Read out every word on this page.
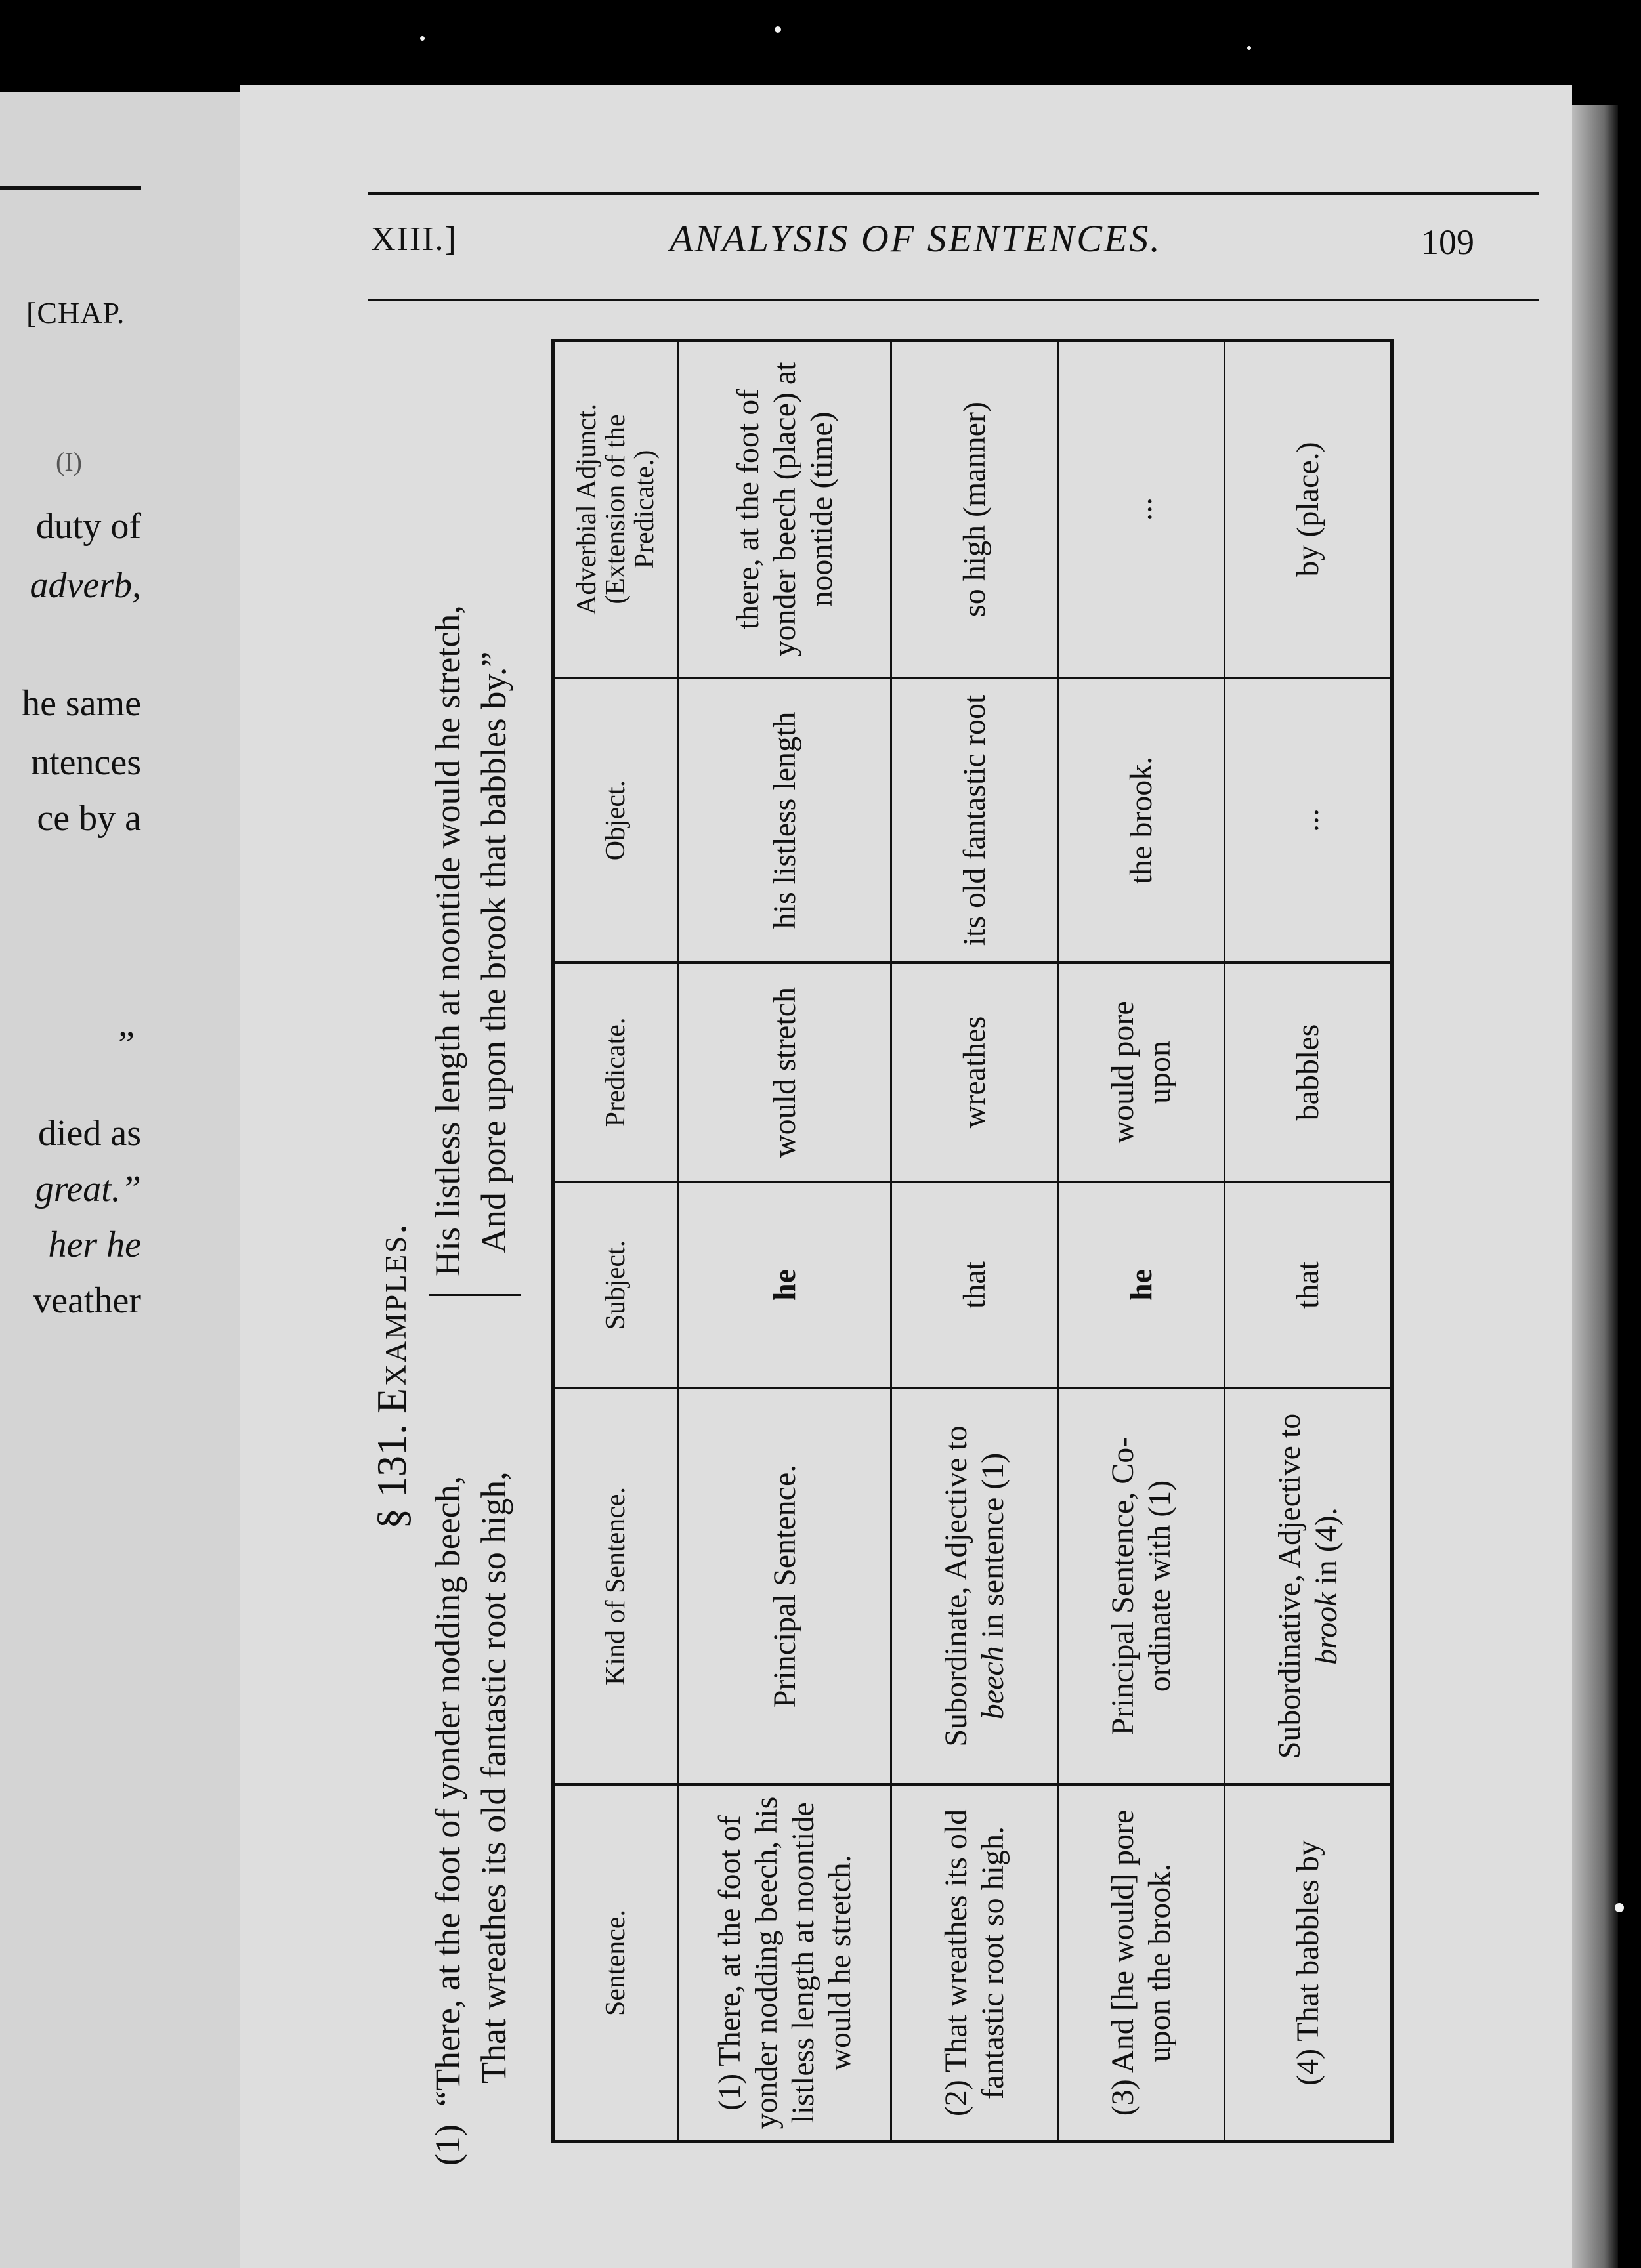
[CHAP.
(I)
duty of
adverb,
he same
ntences
ce by a
”
died as
great.”
her he
veather
XIII.]	ANALYSIS OF SENTENCES.	109
§ 131. Examples.
(1)
“There, at the foot of yonder nodding beech, That wreathes its old fantastic root so high,
His listless length at noontide would he stretch, And pore upon the brook that babbles by.”
Sentence.	Kind of Sentence.	Subject.	Predicate.	Object.	Adverbial Adjunct.
(Extension of the
Predicate.)
(1) There, at the foot of yonder nodding beech, his listless length at noontide would he stretch.	Principal Sentence.	he	would stretch	his listless length	there, at the foot of yonder beech (place) at noontide (time)
(2) That wreathes its old fantastic root so high.	Subordinate, Adjective to beech in sentence (1)	that	wreathes	its old fantastic root	so high (manner)
(3) And [he would] pore upon the brook.	Principal Sentence, Co-ordinate with (1)	he	would pore upon	the brook.	...
(4) That babbles by	Subordinative, Adjective to brook in (4).	that	babbles	...	by (place.)
